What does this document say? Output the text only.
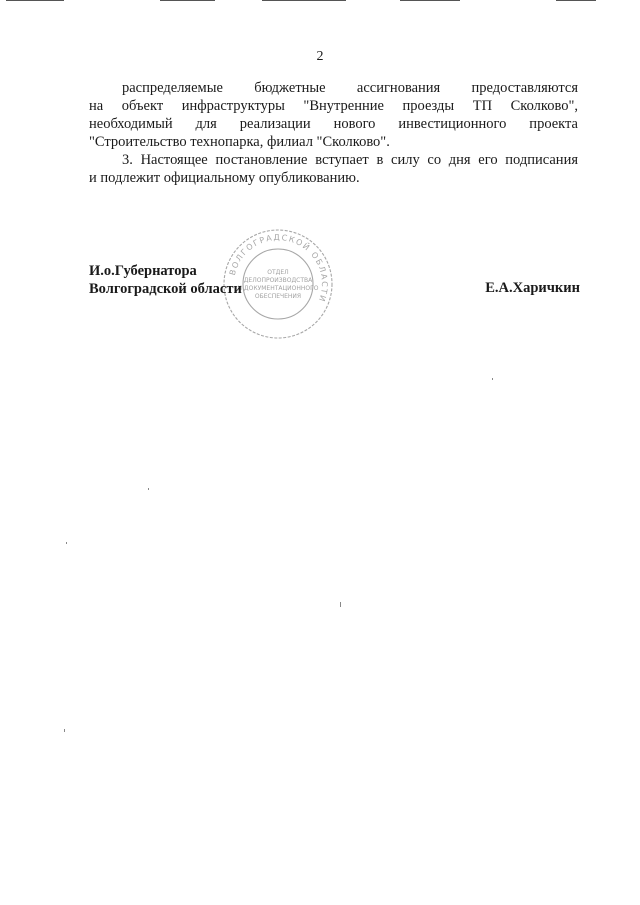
2
распределяемые бюджетные ассигнования предоставляются
на объект инфраструктуры "Внутренние проезды ТП Сколково",
необходимый для реализации нового инвестиционного проекта
"Строительство технопарка, филиал "Сколково".
3. Настоящее постановление вступает в силу со дня его подписания
и подлежит официальному опубликованию.
ВОЛГОГРАДСКОЙ ОБЛАСТИ
ОТДЕЛ
ДЕЛОПРОИЗВОДСТВА
И ДОКУМЕНТАЦИОННОГО
ОБЕСПЕЧЕНИЯ
И.о.Губернатора
Волгоградской области	Е.А.Харичкин
